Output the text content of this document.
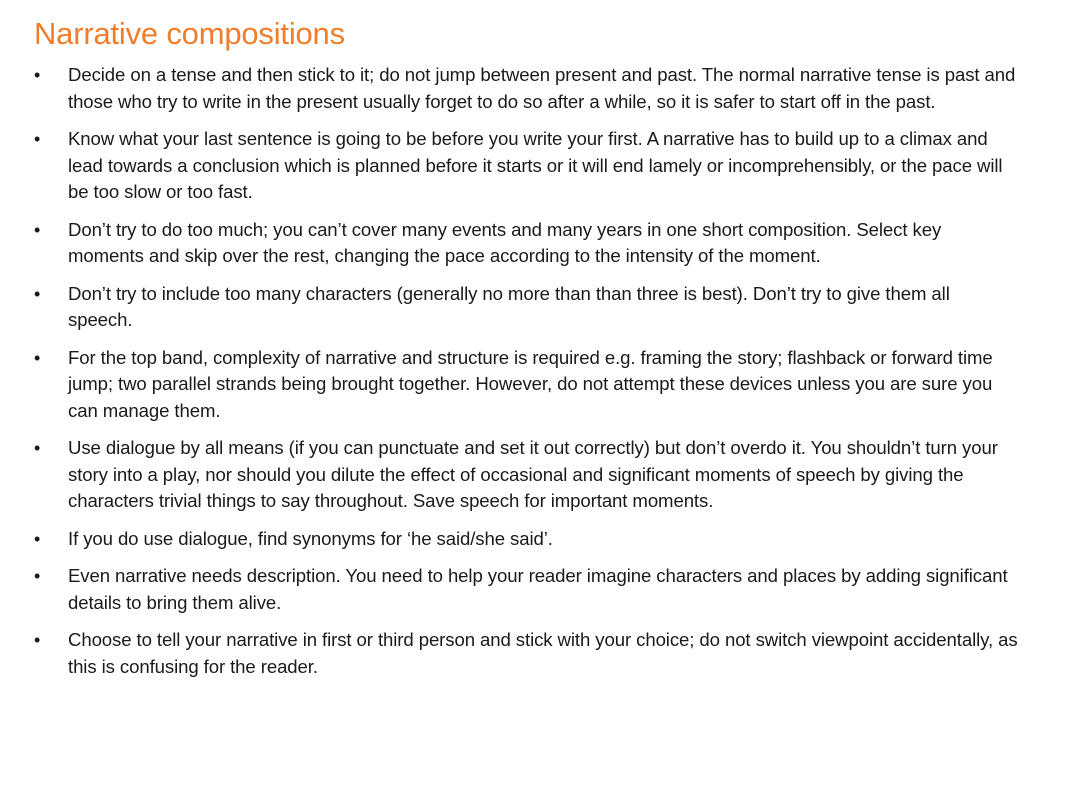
Narrative compositions
• Decide on a tense and then stick to it; do not jump between present and past. The normal narrative tense is past and those who try to write in the present usually forget to do so after a while, so it is safer to start off in the past.
• Know what your last sentence is going to be before you write your first. A narrative has to build up to a climax and lead towards a conclusion which is planned before it starts or it will end lamely or incomprehensibly, or the pace will be too slow or too fast.
• Don’t try to do too much; you can’t cover many events and many years in one short composition. Select key moments and skip over the rest, changing the pace according to the intensity of the moment.
• Don’t try to include too many characters (generally no more than than three is best). Don’t try to give them all speech.
• For the top band, complexity of narrative and structure is required e.g. framing the story; flashback or forward time jump; two parallel strands being brought together. However, do not attempt these devices unless you are sure you can manage them.
• Use dialogue by all means (if you can punctuate and set it out correctly) but don’t overdo it. You shouldn’t turn your story into a play, nor should you dilute the effect of occasional and significant moments of speech by giving the characters trivial things to say throughout. Save speech for important moments.
• If you do use dialogue, find synonyms for ‘he said/she said’.
• Even narrative needs description. You need to help your reader imagine characters and places by adding significant details to bring them alive.
• Choose to tell your narrative in first or third person and stick with your choice; do not switch viewpoint accidentally, as this is confusing for the reader.
